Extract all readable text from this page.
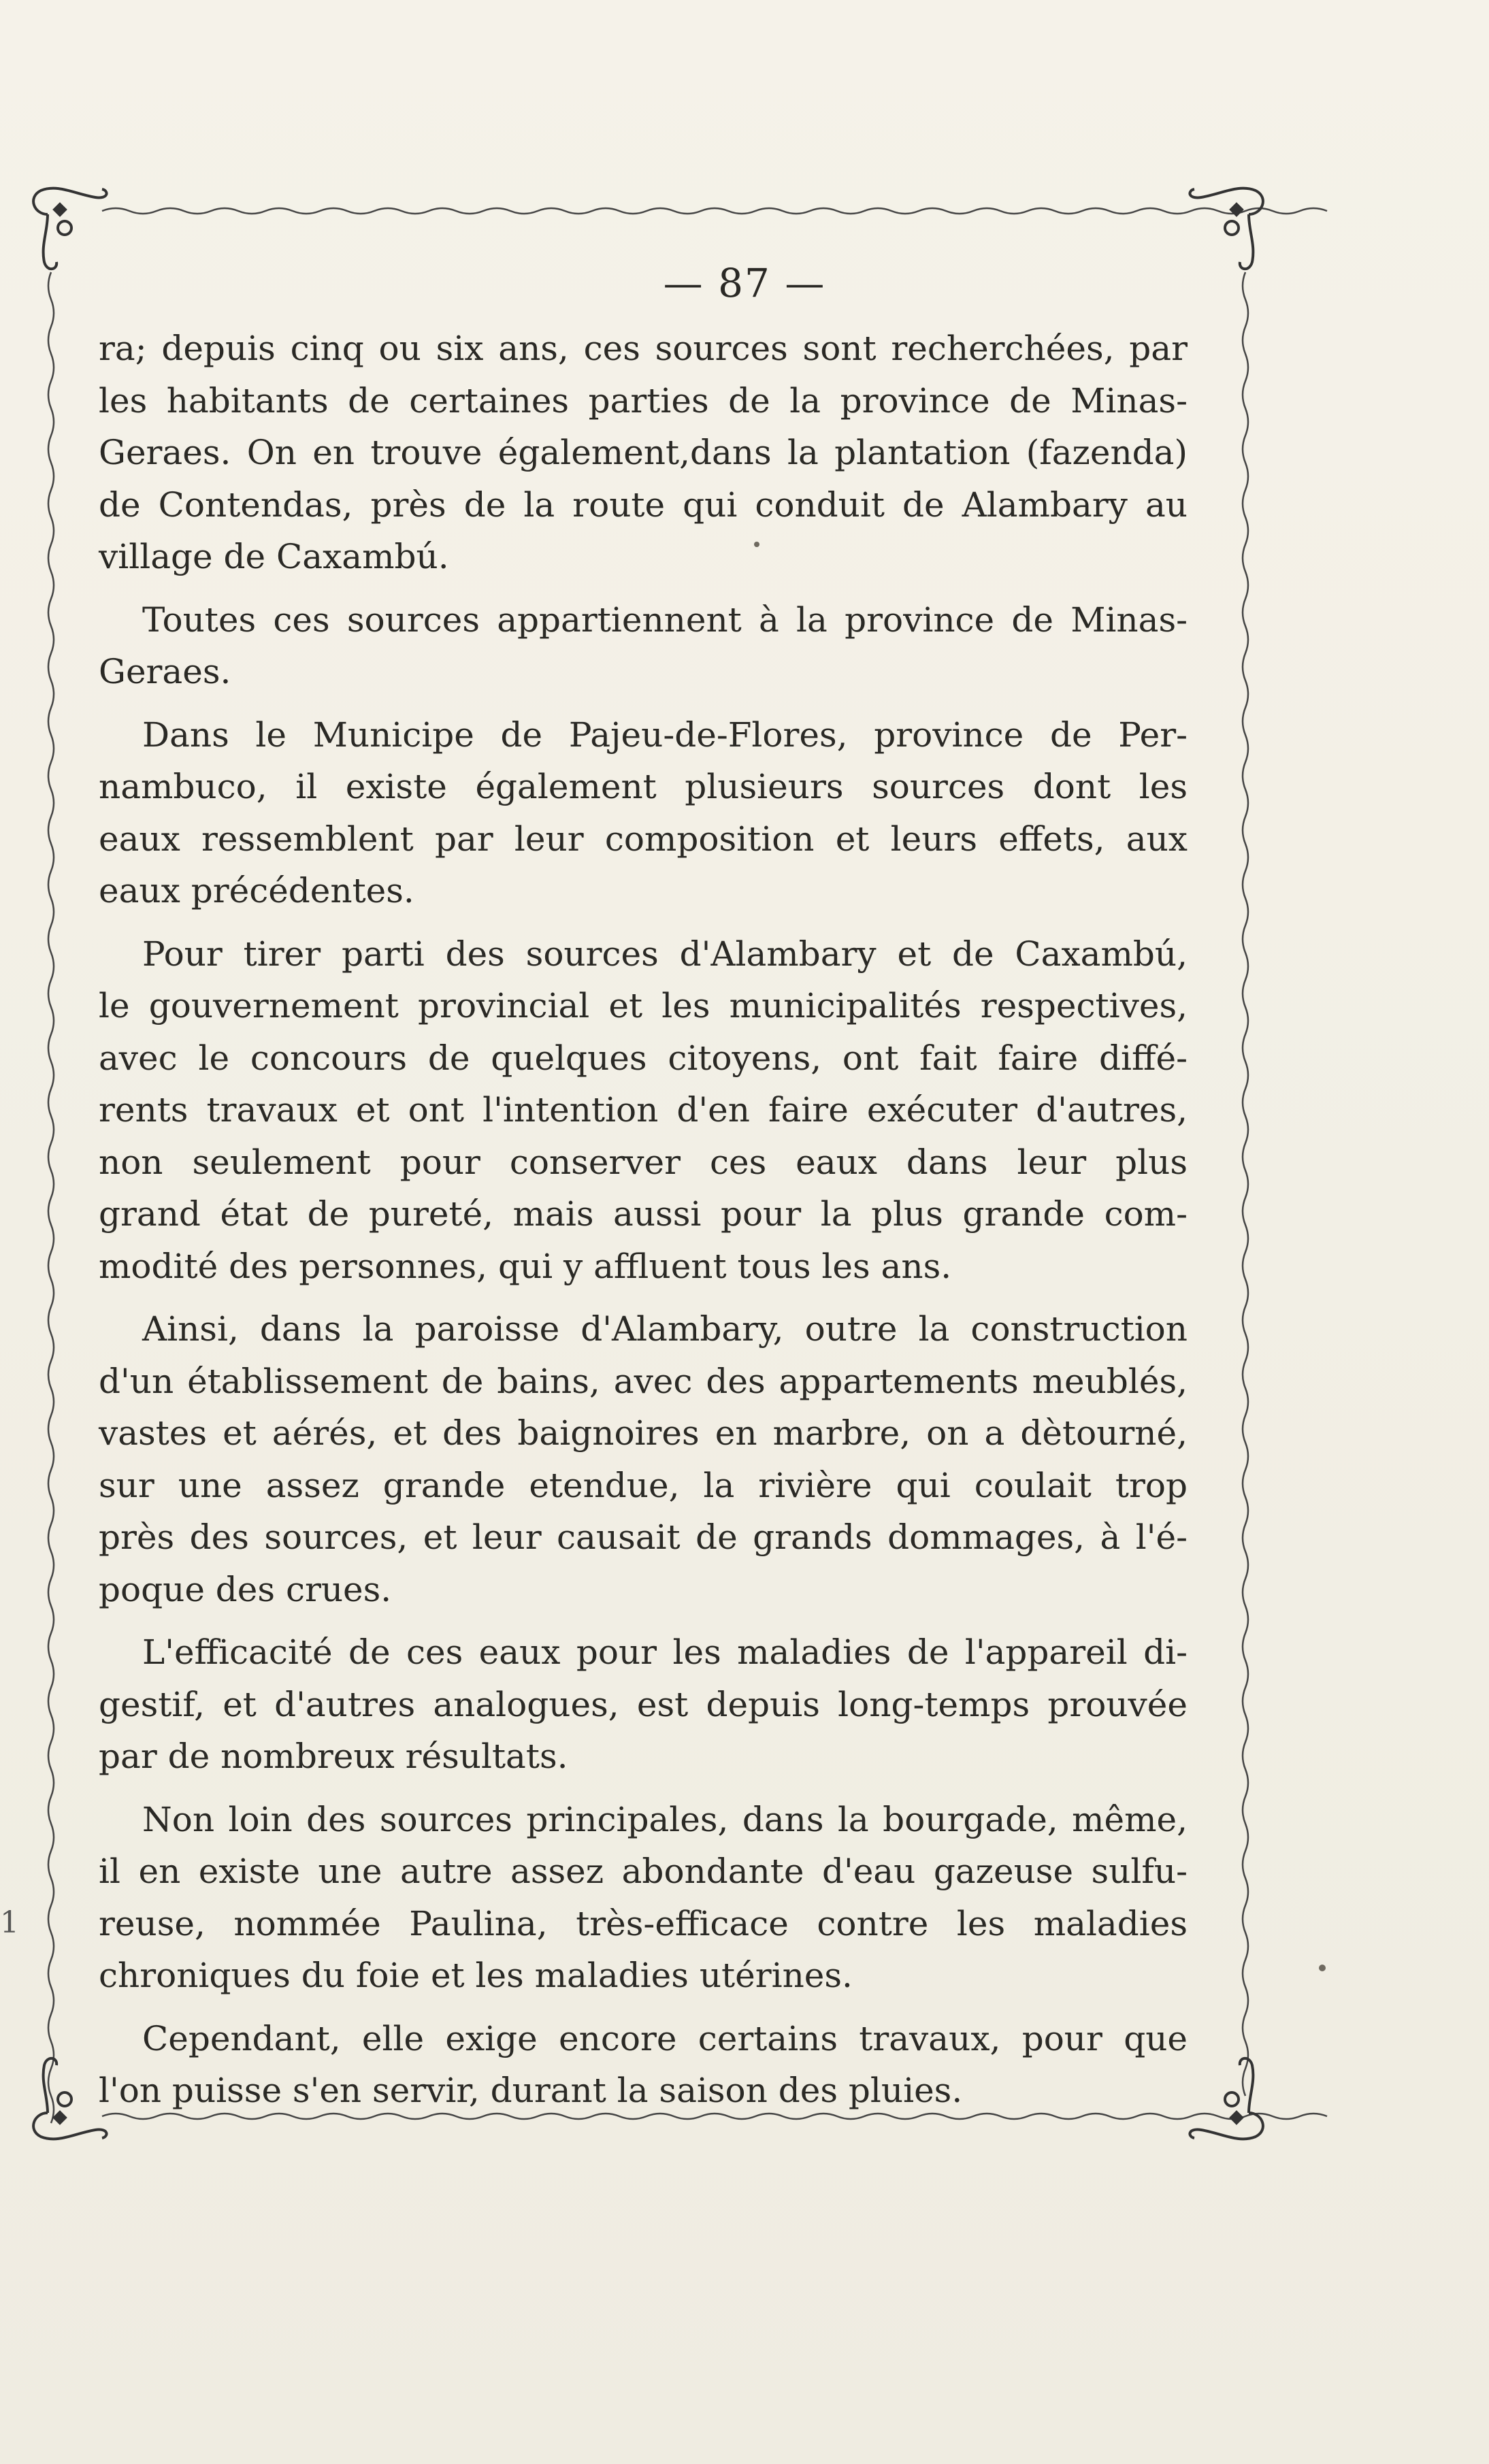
— 87 —
ra; depuis cinq ou six ans, ces sources sont recherchées, par
les habitants de certaines parties de la province de Minas-
Geraes. On en trouve également,dans la plantation (fazenda)
de Contendas, près de la route qui conduit de Alambary au
village de Caxambú.
Toutes ces sources appartiennent à la province de Minas-
Geraes.
Dans le Municipe de Pajeu-de-Flores, province de Per-
nambuco, il existe également plusieurs sources dont les
eaux ressemblent par leur composition et leurs effets, aux
eaux précédentes.
Pour tirer parti des sources d'Alambary et de Caxambú,
le gouvernement provincial et les municipalités respectives,
avec le concours de quelques citoyens, ont fait faire diffé-
rents travaux et ont l'intention d'en faire exécuter d'autres,
non seulement pour conserver ces eaux dans leur plus
grand état de pureté, mais aussi pour la plus grande com-
modité des personnes, qui y affluent tous les ans.
Ainsi, dans la paroisse d'Alambary, outre la construction
d'un établissement de bains, avec des appartements meublés,
vastes et aérés, et des baignoires en marbre, on a dètourné,
sur une assez grande etendue, la rivière qui coulait trop
près des sources, et leur causait de grands dommages, à l'é-
poque des crues.
L'efficacité de ces eaux pour les maladies de l'appareil di-
gestif, et d'autres analogues, est depuis long-temps prouvée
par de nombreux résultats.
Non loin des sources principales, dans la bourgade, même,
il en existe une autre assez abondante d'eau gazeuse sulfu-
reuse, nommée Paulina, très-efficace contre les maladies
chroniques du foie et les maladies utérines.
Cependant, elle exige encore certains travaux, pour que
l'on puisse s'en servir, durant la saison des pluies.
1
